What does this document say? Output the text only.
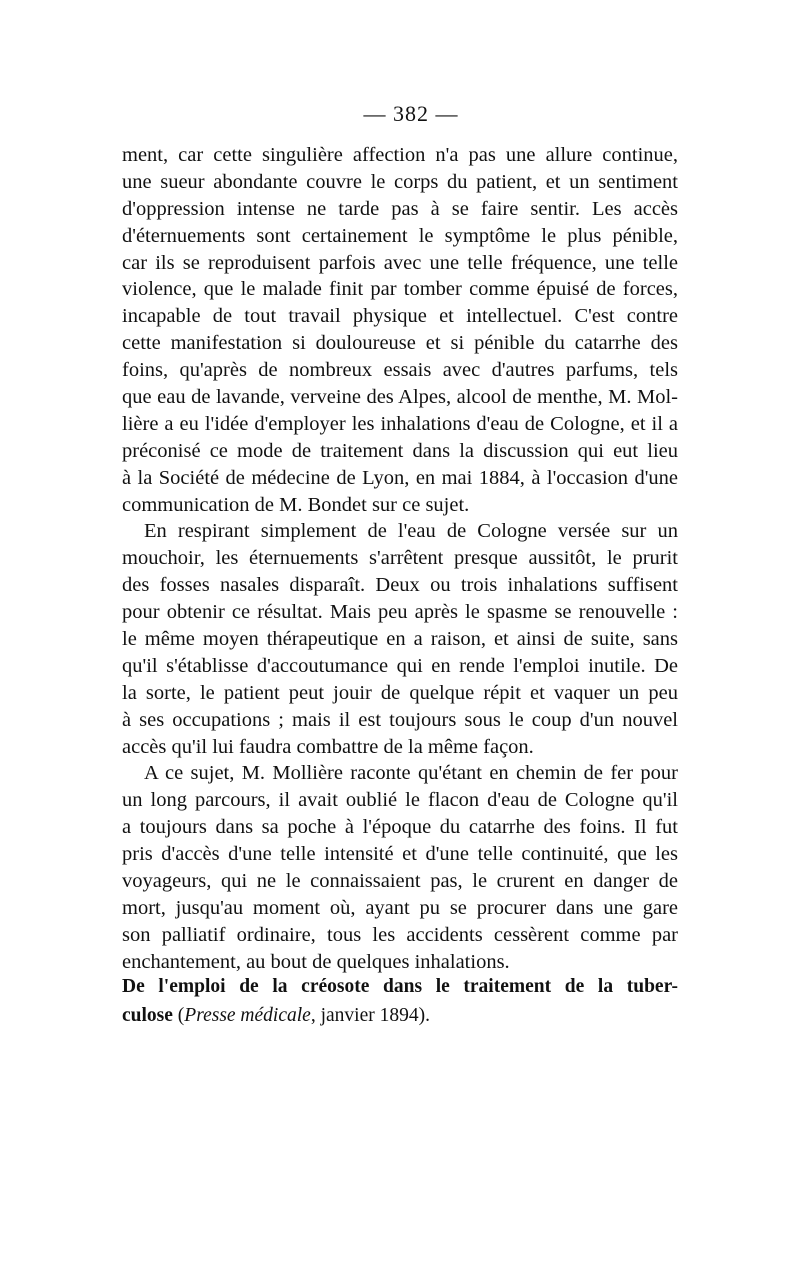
— 382 —
ment, car cette singulière affection n'a pas une allure continue,
une sueur abondante couvre le corps du patient, et un sentiment
d'oppression intense ne tarde pas à se faire sentir. Les accès
d'éternuements sont certainement le symptôme le plus pénible,
car ils se reproduisent parfois avec une telle fréquence, une telle
violence, que le malade finit par tomber comme épuisé de forces,
incapable de tout travail physique et intellectuel. C'est contre
cette manifestation si douloureuse et si pénible du catarrhe des
foins, qu'après de nombreux essais avec d'autres parfums, tels
que eau de lavande, verveine des Alpes, alcool de menthe, M. Mol-
lière a eu l'idée d'employer les inhalations d'eau de Cologne, et il a
préconisé ce mode de traitement dans la discussion qui eut lieu
à la Société de médecine de Lyon, en mai 1884, à l'occasion d'une
communication de M. Bondet sur ce sujet.
En respirant simplement de l'eau de Cologne versée sur un
mouchoir, les éternuements s'arrêtent presque aussitôt, le prurit
des fosses nasales disparaît. Deux ou trois inhalations suffisent
pour obtenir ce résultat. Mais peu après le spasme se renouvelle :
le même moyen thérapeutique en a raison, et ainsi de suite, sans
qu'il s'établisse d'accoutumance qui en rende l'emploi inutile. De
la sorte, le patient peut jouir de quelque répit et vaquer un peu
à ses occupations ; mais il est toujours sous le coup d'un nouvel
accès qu'il lui faudra combattre de la même façon.
A ce sujet, M. Mollière raconte qu'étant en chemin de fer pour
un long parcours, il avait oublié le flacon d'eau de Cologne qu'il
a toujours dans sa poche à l'époque du catarrhe des foins. Il fut
pris d'accès d'une telle intensité et d'une telle continuité, que les
voyageurs, qui ne le connaissaient pas, le crurent en danger de
mort, jusqu'au moment où, ayant pu se procurer dans une gare
son palliatif ordinaire, tous les accidents cessèrent comme par
enchantement, au bout de quelques inhalations.
De l'emploi de la créosote dans le traitement de la tuber-
culose (Presse médicale, janvier 1894).
